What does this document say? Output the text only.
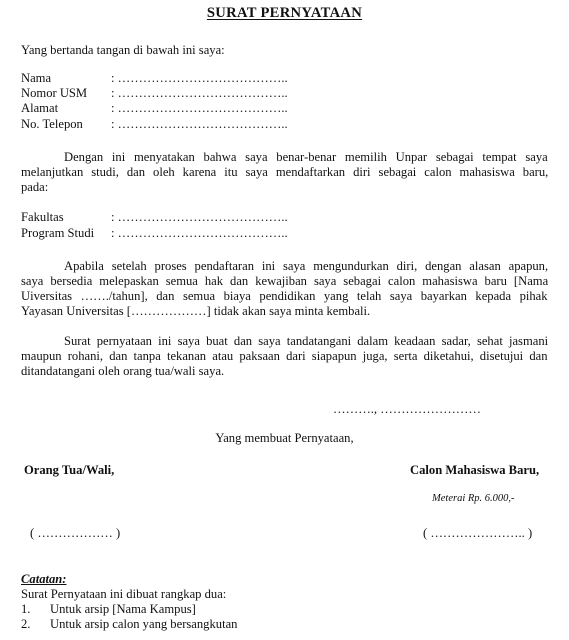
SURAT PERNYATAAN
Yang bertanda tangan di bawah ini saya:
Nama	: …………………………………..
Nomor USM : …………………………………..
Alamat	: …………………………………..
No. Telepon : …………………………………..
Dengan ini menyatakan bahwa saya benar-benar memilih Unpar sebagai tempat saya
melanjutkan studi, dan oleh karena itu saya mendaftarkan diri sebagai calon mahasiswa baru,
pada:
Fakultas	: …………………………………..
Program Studi : …………………………………..
Apabila setelah proses pendaftaran ini saya mengundurkan diri, dengan alasan apapun,
saya bersedia melepaskan semua hak dan kewajiban saya sebagai calon mahasiswa baru [Nama
Uiversitas ……./tahun], dan semua biaya pendidikan yang telah saya bayarkan kepada pihak
Yayasan Universitas [………………] tidak akan saya minta kembali.
Surat pernyataan ini saya buat dan saya tandatangani dalam keadaan sadar, sehat jasmani
maupun rohani, dan tanpa tekanan atau paksaan dari siapapun juga, serta diketahui, disetujui dan
ditandatangani oleh orang tua/wali saya.
………., ……………………
Yang membuat Pernyataan,
Orang Tua/Wali,	Calon Mahasiswa Baru,
Meterai Rp. 6.000,-
( ……………… )	( ………………….. )
Catatan:
Surat Pernyataan ini dibuat rangkap dua:
1. Untuk arsip [Nama Kampus]
2. Untuk arsip calon yang bersangkutan
